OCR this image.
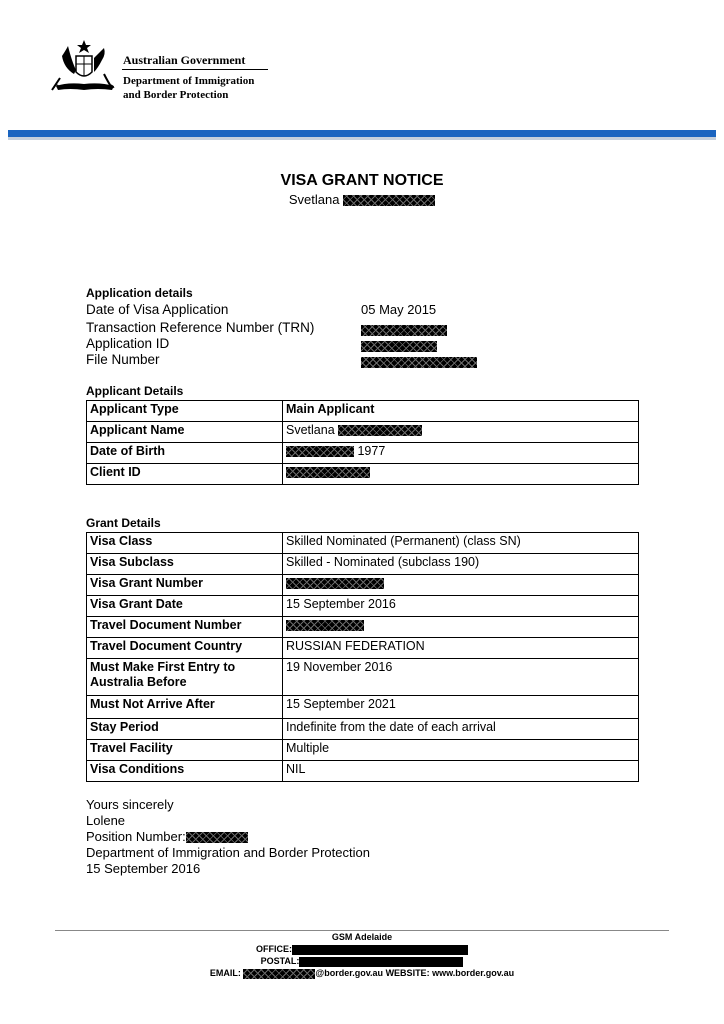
Australian Government
Department of Immigration
and Border Protection
VISA GRANT NOTICE
Svetlana
Application details
Date of Visa Application	05 May 2015
Transaction Reference Number (TRN)
Application ID
File Number
Applicant Details
Applicant Type	Main Applicant
Applicant Name	Svetlana
Date of Birth	1977
Client ID	
Grant Details
Visa Class	Skilled Nominated (Permanent) (class SN)
Visa Subclass	Skilled - Nominated (subclass 190)
Visa Grant Number	
Visa Grant Date	15 September 2016
Travel Document Number	
Travel Document Country	RUSSIAN FEDERATION
Must Make First Entry to Australia Before	19 November 2016
Must Not Arrive After	15 September 2021
Stay Period	Indefinite from the date of each arrival
Travel Facility	Multiple
Visa Conditions	NIL
Yours sincerely
Lolene
Position Number:
Department of Immigration and Border Protection
15 September 2016
GSM Adelaide
OFFICE:
POSTAL:
EMAIL:	@border.gov.au WEBSITE: www.border.gov.au
